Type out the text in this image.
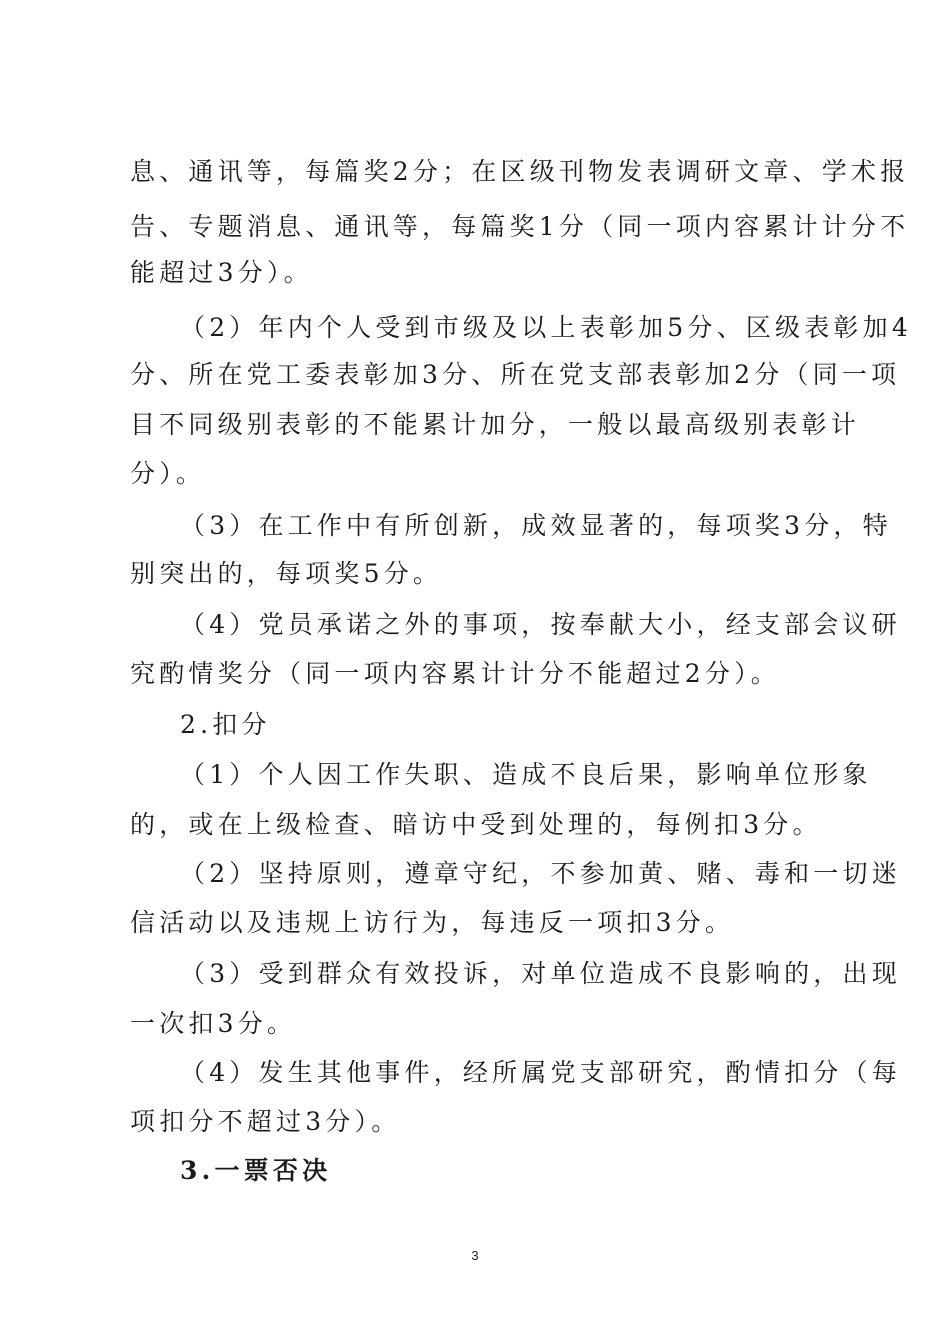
息、通讯等，每篇奖2分；在区级刊物发表调研文章、学术报
告、专题消息、通讯等，每篇奖1分（同一项内容累计计分不
能超过3分）。
（2）年内个人受到市级及以上表彰加5分、区级表彰加4
分、所在党工委表彰加3分、所在党支部表彰加2分（同一项
目不同级别表彰的不能累计加分，一般以最高级别表彰计
分）。
（3）在工作中有所创新，成效显著的，每项奖3分，特
别突出的，每项奖5分。
（4）党员承诺之外的事项，按奉献大小，经支部会议研
究酌情奖分（同一项内容累计计分不能超过2分）。
2.扣分
（1）个人因工作失职、造成不良后果，影响单位形象
的，或在上级检查、暗访中受到处理的，每例扣3分。
（2）坚持原则，遵章守纪，不参加黄、赌、毒和一切迷
信活动以及违规上访行为，每违反一项扣3分。
（3）受到群众有效投诉，对单位造成不良影响的，出现
一次扣3分。
（4）发生其他事件，经所属党支部研究，酌情扣分（每
项扣分不超过3分）。
3.一票否决
3
